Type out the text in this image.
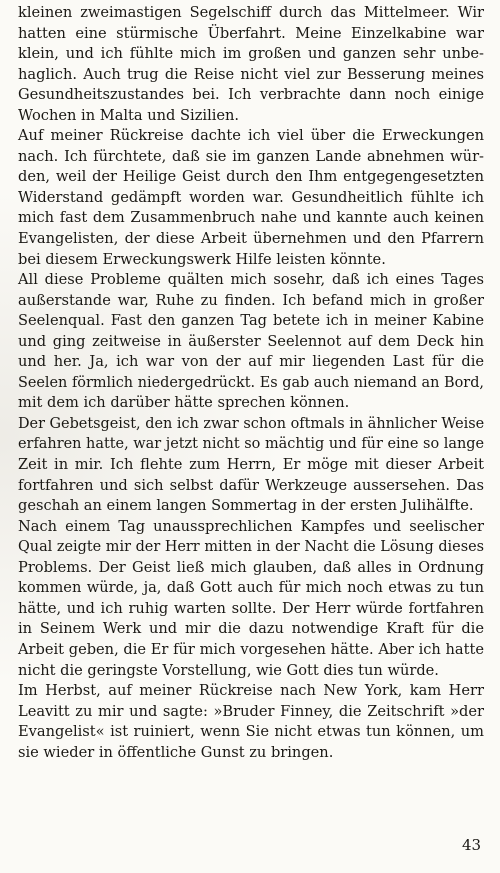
kleinen zweimastigen Segelschiff durch das Mittelmeer. Wir
hatten eine stürmische Überfahrt. Meine Einzelkabine war
klein, und ich fühlte mich im großen und ganzen sehr unbe-
haglich. Auch trug die Reise nicht viel zur Besserung meines
Gesundheitszustandes bei. Ich verbrachte dann noch einige
Wochen in Malta und Sizilien.
Auf meiner Rückreise dachte ich viel über die Erweckungen
nach. Ich fürchtete, daß sie im ganzen Lande abnehmen wür-
den, weil der Heilige Geist durch den Ihm entgegengesetzten
Widerstand gedämpft worden war. Gesundheitlich fühlte ich
mich fast dem Zusammenbruch nahe und kannte auch keinen
Evangelisten, der diese Arbeit übernehmen und den Pfarrern
bei diesem Erweckungswerk Hilfe leisten könnte.
All diese Probleme quälten mich sosehr, daß ich eines Tages
außerstande war, Ruhe zu finden. Ich befand mich in großer
Seelenqual. Fast den ganzen Tag betete ich in meiner Kabine
und ging zeitweise in äußerster Seelennot auf dem Deck hin
und her. Ja, ich war von der auf mir liegenden Last für die
Seelen förmlich niedergedrückt. Es gab auch niemand an Bord,
mit dem ich darüber hätte sprechen können.
Der Gebetsgeist, den ich zwar schon oftmals in ähnlicher Weise erfahren hatte, war jetzt nicht so mächtig und für eine so lange
Zeit in mir. Ich flehte zum Herrn, Er möge mit dieser Arbeit
fortfahren und sich selbst dafür Werkzeuge aussersehen. Das
geschah an einem langen Sommertag in der ersten Julihälfte.
Nach einem Tag unaussprechlichen Kampfes und seelischer
Qual zeigte mir der Herr mitten in der Nacht die Lösung dieses
Problems. Der Geist ließ mich glauben, daß alles in Ordnung
kommen würde, ja, daß Gott auch für mich noch etwas zu tun
hätte, und ich ruhig warten sollte. Der Herr würde fortfahren
in Seinem Werk und mir die dazu notwendige Kraft für die
Arbeit geben, die Er für mich vorgesehen hätte. Aber ich hatte
nicht die geringste Vorstellung, wie Gott dies tun würde.
Im Herbst, auf meiner Rückreise nach New York, kam Herr
Leavitt zu mir und sagte: »Bruder Finney, die Zeitschrift »der
Evangelist« ist ruiniert, wenn Sie nicht etwas tun können, um
sie wieder in öffentliche Gunst zu bringen.
43
